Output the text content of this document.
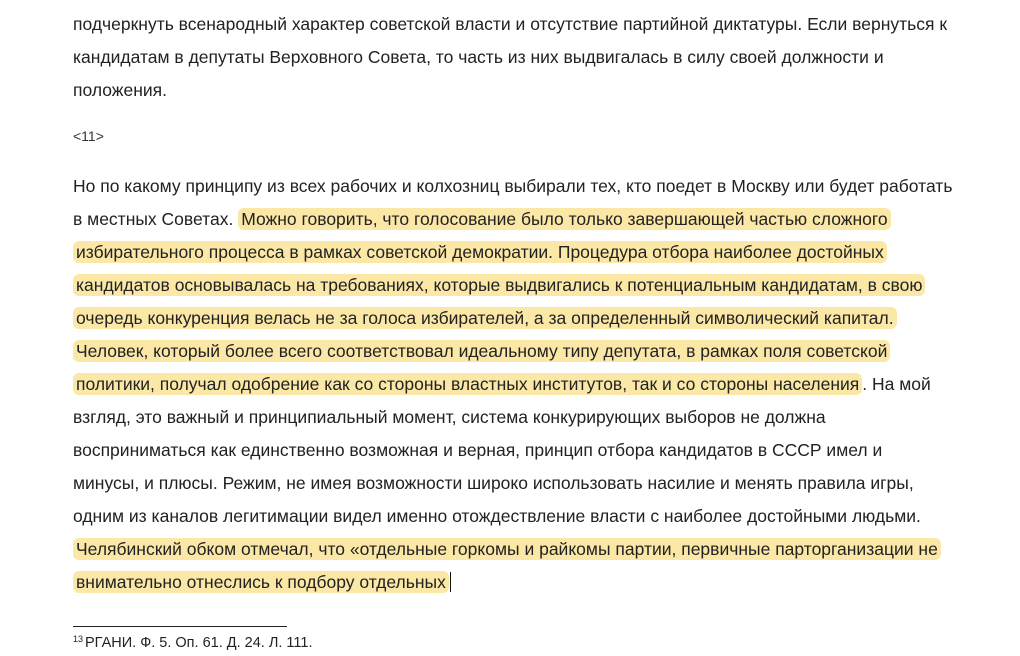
подчеркнуть всенародный характер советской власти и отсутствие партийной диктатуры. Если вернуться к кандидатам в депутаты Верховного Совета, то часть из них выдвигалась в силу своей должности и положения.

<11>

Но по какому принципу из всех рабочих и колхозниц выбирали тех, кто поедет в Москву или будет работать в местных Советах. Можно говорить, что голосование было только завершающей частью сложного избирательного процесса в рамках советской демократии. Процедура отбора наиболее достойных кандидатов основывалась на требованиях, которые выдвигались к потенциальным кандидатам, в свою очередь конкуренция велась не за голоса избирателей, а за определенный символический капитал. Человек, который более всего соответствовал идеальному типу депутата, в рамках поля советской политики, получал одобрение как со стороны властных институтов, так и со стороны населения . На мой взгляд, это важный и принципиальный момент, система конкурирующих выборов не должна восприниматься как единственно возможная и верная, принцип отбора кандидатов в СССР имел и минусы, и плюсы. Режим, не имея возможности широко использовать насилие и менять правила игры, одним из каналов легитимации видел именно отождествление власти с наиболее достойными людьми. Челябинский обком отмечал, что «отдельные горкомы и райкомы партии, первичные парторганизации не внимательно отнеслись к подбору отдельных

$^{13}$ РГАНИ. Ф. 5. Оп. 61. Д. 24. Л. 111.
